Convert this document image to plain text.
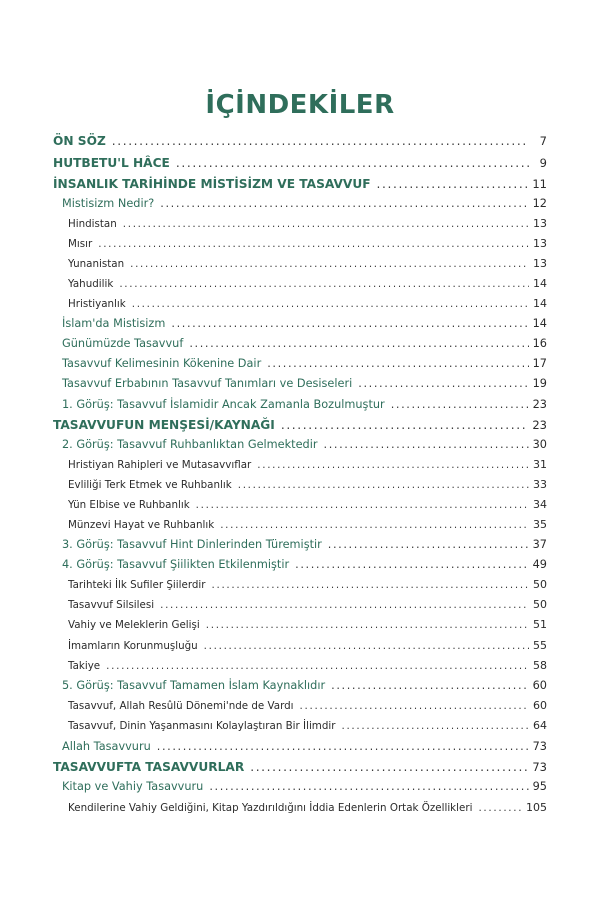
İÇİNDEKİLER
ÖN SÖZ .....	7
HUTBETU'L HÂCE .....	9
İNSANLIK TARİHİNDE MİSTİSİZM VE TASAVVUF .....	11
Mistisizm Nedir? .....	12
Hindistan .....	13
Mısır .....	13
Yunanistan .....	13
Yahudilik .....	14
Hristiyanlık .....	14
İslam'da Mistisizm .....	14
Günümüzde Tasavvuf .....	16
Tasavvuf Kelimesinin Kökenine Dair .....	17
Tasavvuf Erbabının Tasavvuf Tanımları ve Desiseleri .....	19
1. Görüş: Tasavvuf İslamidir Ancak Zamanla Bozulmuştur .....	23
TASAVVUFUN MENŞESİ/KAYNAĞI .....	23
2. Görüş: Tasavvuf Ruhbanlıktan Gelmektedir .....	30
Hristiyan Rahipleri ve Mutasavvıflar .....	31
Evliliği Terk Etmek ve Ruhbanlık .....	33
Yün Elbise ve Ruhbanlık .....	34
Münzevi Hayat ve Ruhbanlık .....	35
3. Görüş: Tasavvuf Hint Dinlerinden Türemiştir .....	37
4. Görüş: Tasavvuf Şiilikten Etkilenmiştir .....	49
Tarihteki İlk Sufiler Şiilerdir .....	50
Tasavvuf Silsilesi .....	50
Vahiy ve Meleklerin Gelişi .....	51
İmamların Korunmuşluğu .....	55
Takiye .....	58
5. Görüş: Tasavvuf Tamamen İslam Kaynaklıdır .....	60
Tasavvuf, Allah Resûlü Dönemi'nde de Vardı .....	60
Tasavvuf, Dinin Yaşanmasını Kolaylaştıran Bir İlimdir .....	64
Allah Tasavvuru .....	73
TASAVVUFTA TASAVVURLAR .....	73
Kitap ve Vahiy Tasavvuru .....	95
Kendilerine Vahiy Geldiğini, Kitap Yazdırıldığını İddia Edenlerin Ortak Özellikleri .....	105
